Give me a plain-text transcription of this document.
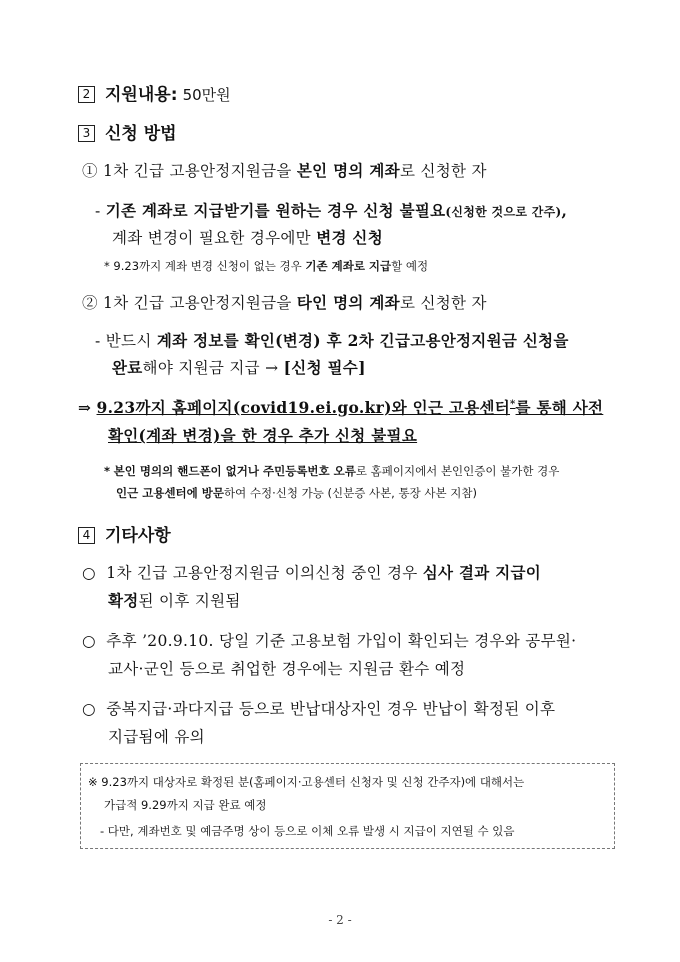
2 지원내용: 50만원
3 신청 방법
① 1차 긴급 고용안정지원금을 본인 명의 계좌로 신청한 자
- 기존 계좌로 지급받기를 원하는 경우 신청 불필요(신청한 것으로 간주),
계좌 변경이 필요한 경우에만 변경 신청
* 9.23까지 계좌 변경 신청이 없는 경우 기존 계좌로 지급할 예정
② 1차 긴급 고용안정지원금을 타인 명의 계좌로 신청한 자
- 반드시 계좌 정보를 확인(변경) 후 2차 긴급고용안정지원금 신청을
완료해야 지원금 지급 → [신청 필수]
⇒ 9.23까지 홈페이지(covid19.ei.go.kr)와 인근 고용센터*를 통해 사전
확인(계좌 변경)을 한 경우 추가 신청 불필요
* 본인 명의의 핸드폰이 없거나 주민등록번호 오류로 홈페이지에서 본인인증이 불가한 경우
인근 고용센터에 방문하여 수정·신청 가능 (신분증 사본, 통장 사본 지참)
4 기타사항
○ 1차 긴급 고용안정지원금 이의신청 중인 경우 심사 결과 지급이
확정된 이후 지원됨
○ 추후 ’20.9.10. 당일 기준 고용보험 가입이 확인되는 경우와 공무원·
교사·군인 등으로 취업한 경우에는 지원금 환수 예정
○ 중복지급·과다지급 등으로 반납대상자인 경우 반납이 확정된 이후
지급됨에 유의
※ 9.23까지 대상자로 확정된 분(홈페이지·고용센터 신청자 및 신청 간주자)에 대해서는
가급적 9.29까지 지급 완료 예정
- 다만, 계좌번호 및 예금주명 상이 등으로 이체 오류 발생 시 지급이 지연될 수 있음
- 2 -
